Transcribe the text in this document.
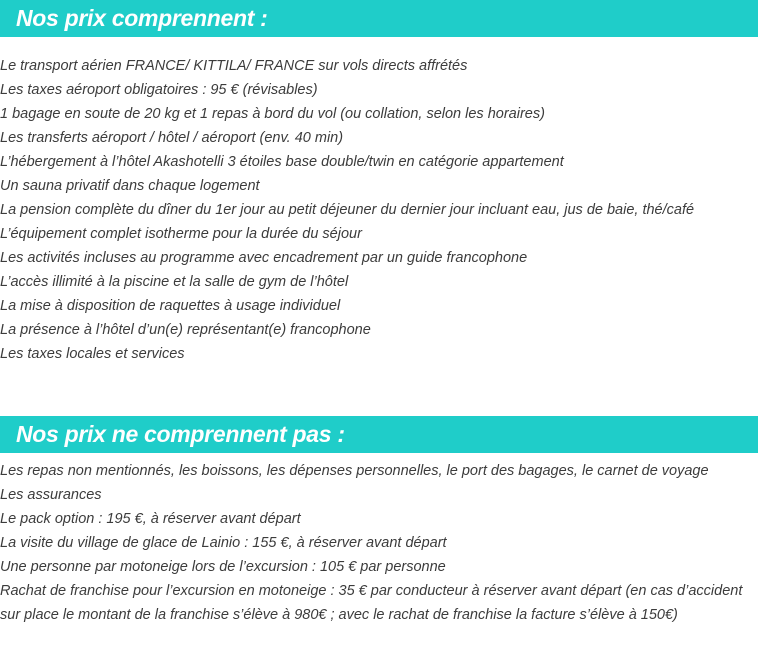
Nos prix comprennent :
Le transport aérien FRANCE/ KITTILA/ FRANCE sur vols directs affrétés
Les taxes aéroport obligatoires : 95 € (révisables)
1 bagage en soute de 20 kg et 1 repas à bord du vol (ou collation, selon les horaires)
Les transferts aéroport / hôtel / aéroport (env. 40 min)
L’hébergement à l’hôtel Akashotelli 3 étoiles base double/twin en catégorie appartement
Un sauna privatif dans chaque logement
La pension complète du dîner du 1er jour au petit déjeuner du dernier jour incluant eau, jus de baie, thé/café
L’équipement complet isotherme pour la durée du séjour
Les activités incluses au programme avec encadrement par un guide francophone
L’accès illimité à la piscine et la salle de gym de l’hôtel
La mise à disposition de raquettes à usage individuel
La présence à l’hôtel d’un(e) représentant(e) francophone
Les taxes locales et services
Nos prix ne comprennent pas :
Les repas non mentionnés, les boissons, les dépenses personnelles, le port des bagages, le carnet de voyage
Les assurances
Le pack option : 195 €, à réserver avant départ
La visite du village de glace de Lainio : 155 €, à réserver avant départ
Une personne par motoneige lors de l’excursion : 105 € par personne
Rachat de franchise pour l’excursion en motoneige : 35 € par conducteur à réserver avant départ (en cas d’accident sur place le montant de la franchise s’élève à 980€ ; avec le rachat de franchise la facture s’élève à 150€)
